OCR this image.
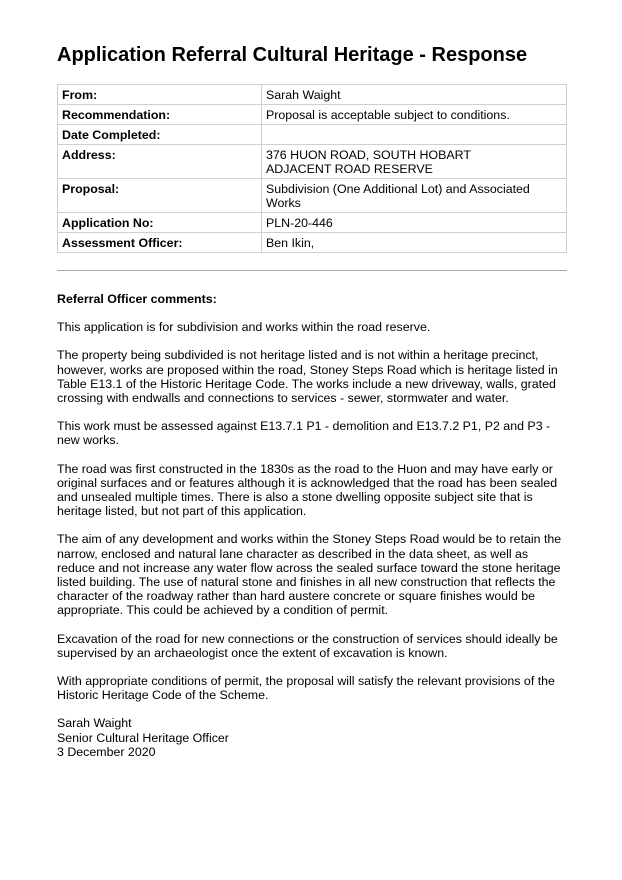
Application Referral Cultural Heritage - Response
From:	Sarah Waight
Recommendation:	Proposal is acceptable subject to conditions.
Date Completed:	
Address:	376 HUON ROAD, SOUTH HOBART
ADJACENT ROAD RESERVE
Proposal:	Subdivision (One Additional Lot) and Associated Works
Application No:	PLN-20-446
Assessment Officer:	Ben Ikin,

Referral Officer comments:

This application is for subdivision and works within the road reserve.

The property being subdivided is not heritage listed and is not within a heritage precinct, however, works are proposed within the road, Stoney Steps Road which is heritage listed in Table E13.1 of the Historic Heritage Code. The works include a new driveway, walls, grated crossing with endwalls and connections to services - sewer, stormwater and water.

This work must be assessed against E13.7.1 P1 - demolition and E13.7.2 P1, P2 and P3 - new works.

The road was first constructed in the 1830s as the road to the Huon and may have early or original surfaces and or features although it is acknowledged that the road has been sealed and unsealed multiple times. There is also a stone dwelling opposite subject site that is heritage listed, but not part of this application.

The aim of any development and works within the Stoney Steps Road would be to retain the narrow, enclosed and natural lane character as described in the data sheet, as well as reduce and not increase any water flow across the sealed surface toward the stone heritage listed building. The use of natural stone and finishes in all new construction that reflects the character of the roadway rather than hard austere concrete or square finishes would be appropriate. This could be achieved by a condition of permit.

Excavation of the road for new connections or the construction of services should ideally be supervised by an archaeologist once the extent of excavation is known.

With appropriate conditions of permit, the proposal will satisfy the relevant provisions of the Historic Heritage Code of the Scheme.

Sarah Waight
Senior Cultural Heritage Officer
3 December 2020
